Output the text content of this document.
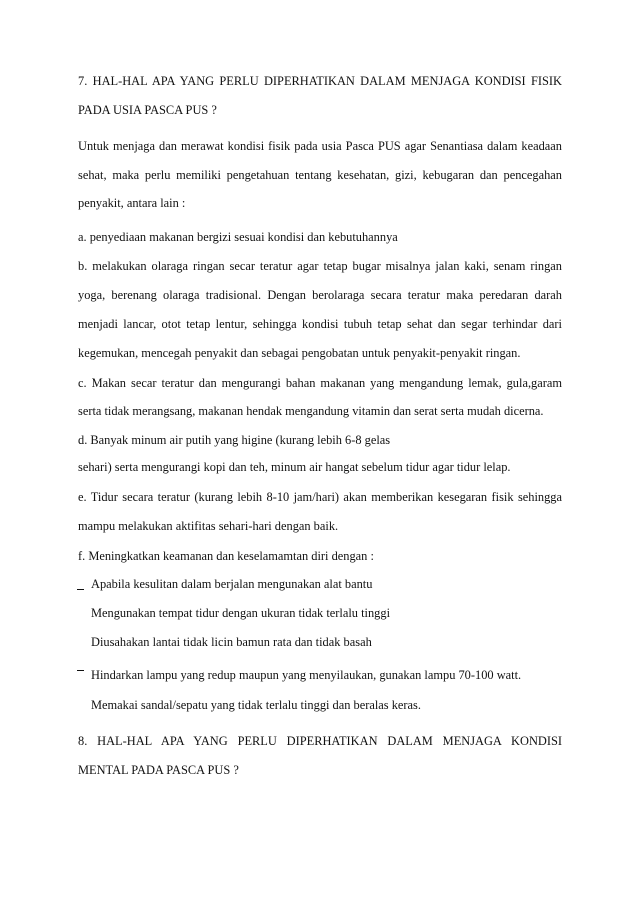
7. HAL-HAL APA YANG PERLU DIPERHATIKAN DALAM MENJAGA KONDISI FISIK
PADA USIA PASCA PUS ?
Untuk menjaga dan merawat kondisi fisik pada usia Pasca PUS agar Senantiasa dalam keadaan
sehat, maka perlu memiliki pengetahuan tentang kesehatan, gizi, kebugaran dan pencegahan
penyakit, antara lain :
a. penyediaan makanan bergizi sesuai kondisi dan kebutuhannya
b. melakukan olaraga ringan secar teratur agar tetap bugar misalnya jalan kaki, senam ringan
yoga, berenang olaraga tradisional. Dengan berolaraga secara teratur maka peredaran darah
menjadi lancar, otot tetap lentur, sehingga kondisi tubuh tetap sehat dan segar terhindar dari
kegemukan, mencegah penyakit dan sebagai pengobatan untuk penyakit-penyakit ringan.
c. Makan secar teratur dan mengurangi bahan makanan yang mengandung lemak, gula,garam
serta tidak merangsang, makanan hendak mengandung vitamin dan serat serta mudah dicerna.
d. Banyak minum air putih yang higine (kurang lebih 6-8 gelas
sehari) serta mengurangi kopi dan teh, minum air hangat sebelum tidur agar tidur lelap.
e. Tidur secara teratur (kurang lebih 8-10 jam/hari) akan memberikan kesegaran fisik sehingga
mampu melakukan aktifitas sehari-hari dengan baik.
f. Meningkatkan keamanan dan keselamamtan diri dengan :
Apabila kesulitan dalam berjalan mengunakan alat bantu
Mengunakan tempat tidur dengan ukuran tidak terlalu tinggi
Diusahakan lantai tidak licin bamun rata dan tidak basah
Hindarkan lampu yang redup maupun yang menyilaukan, gunakan lampu 70-100 watt.
Memakai sandal/sepatu yang tidak terlalu tinggi dan beralas keras.
8. HAL-HAL APA YANG PERLU DIPERHATIKAN DALAM MENJAGA KONDISI
MENTAL PADA PASCA PUS ?
